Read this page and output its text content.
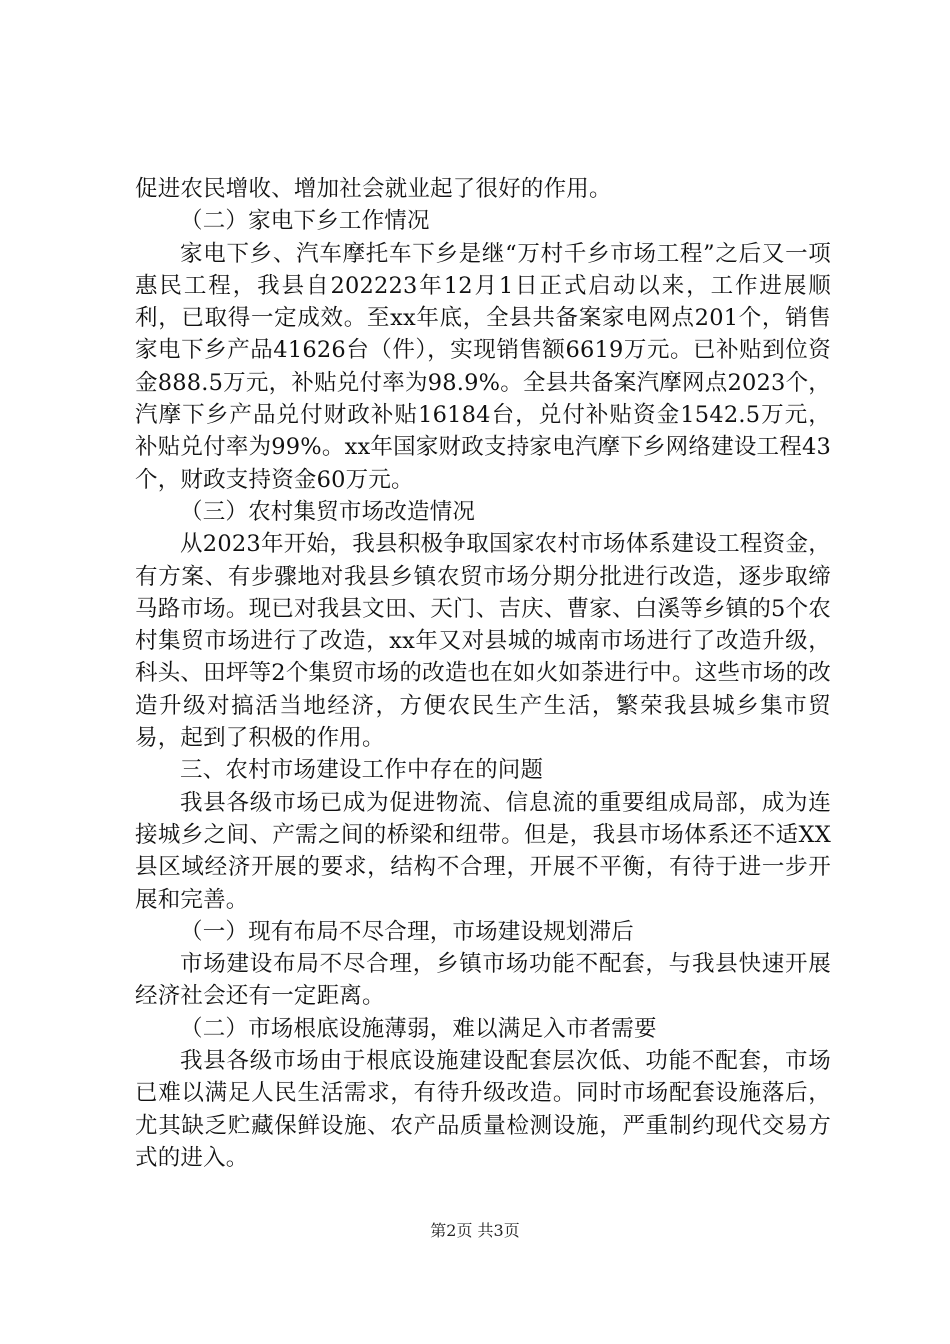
促进农民增收、增加社会就业起了很好的作用。

（二）家电下乡工作情况

家电下乡、汽车摩托车下乡是继“万村千乡市场工程”之后又一项惠民工程，我县自202223年12月1日正式启动以来，工作进展顺利，已取得一定成效。至xx年底，全县共备案家电网点201个，销售家电下乡产品41626台（件），实现销售额6619万元。已补贴到位资金888.5万元，补贴兑付率为98.9%。全县共备案汽摩网点2023个，汽摩下乡产品兑付财政补贴16184台，兑付补贴资金1542.5万元，补贴兑付率为99%。xx年国家财政支持家电汽摩下乡网络建设工程43个，财政支持资金60万元。

（三）农村集贸市场改造情况

从2023年开始，我县积极争取国家农村市场体系建设工程资金，有方案、有步骤地对我县乡镇农贸市场分期分批进行改造，逐步取缔马路市场。现已对我县文田、天门、吉庆、曹家、白溪等乡镇的5个农村集贸市场进行了改造，xx年又对县城的城南市场进行了改造升级，科头、田坪等2个集贸市场的改造也在如火如荼进行中。这些市场的改造升级对搞活当地经济，方便农民生产生活，繁荣我县城乡集市贸易，起到了积极的作用。

三、农村市场建设工作中存在的问题

我县各级市场已成为促进物流、信息流的重要组成局部，成为连接城乡之间、产需之间的桥梁和纽带。但是，我县市场体系还不适XX县区域经济开展的要求，结构不合理，开展不平衡，有待于进一步开展和完善。

（一）现有布局不尽合理，市场建设规划滞后

市场建设布局不尽合理，乡镇市场功能不配套，与我县快速开展经济社会还有一定距离。

（二）市场根底设施薄弱，难以满足入市者需要

我县各级市场由于根底设施建设配套层次低、功能不配套，市场已难以满足人民生活需求，有待升级改造。同时市场配套设施落后，尤其缺乏贮藏保鲜设施、农产品质量检测设施，严重制约现代交易方式的进入。

第2页 共3页
